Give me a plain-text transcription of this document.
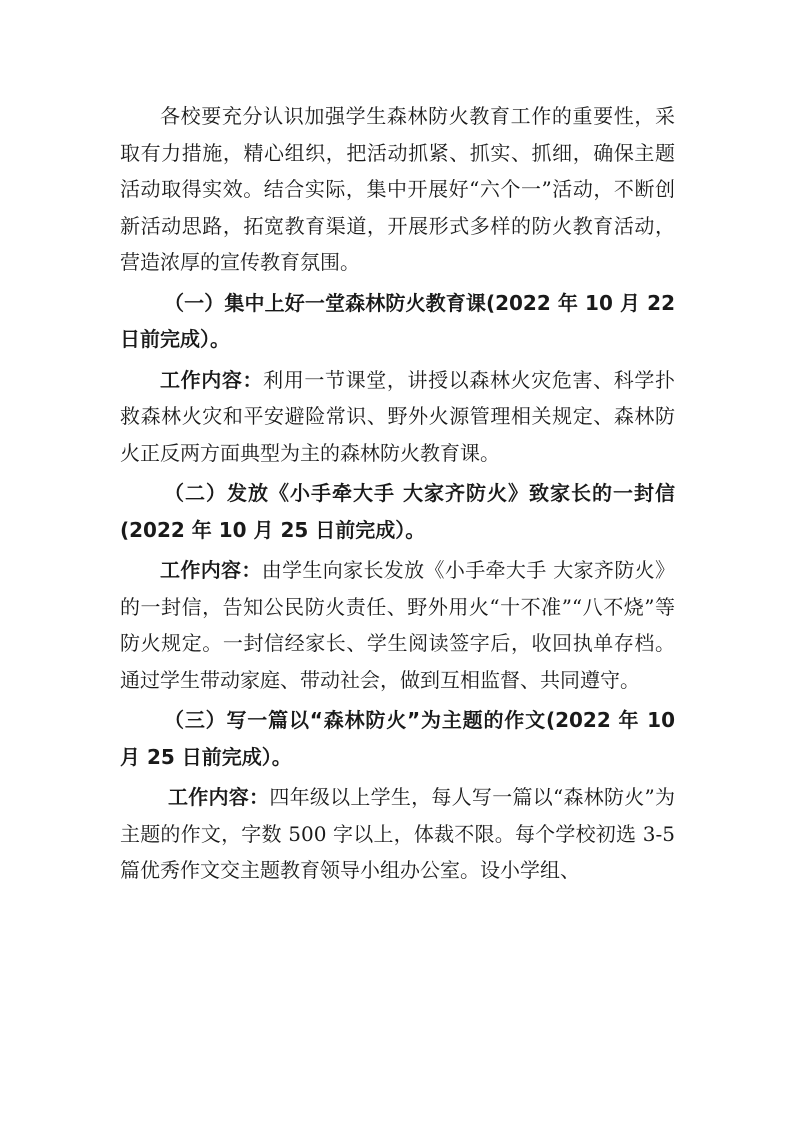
各校要充分认识加强学生森林防火教育工作的重要性，采取有力措施，精心组织，把活动抓紧、抓实、抓细，确保主题活动取得实效。结合实际，集中开展好“六个一”活动，不断创新活动思路，拓宽教育渠道，开展形式多样的防火教育活动，营造浓厚的宣传教育氛围。

（一）集中上好一堂森林防火教育课(2022 年 10 月 22 日前完成）。

工作内容：利用一节课堂，讲授以森林火灾危害、科学扑救森林火灾和平安避险常识、野外火源管理相关规定、森林防火正反两方面典型为主的森林防火教育课。

（二）发放《小手牵大手 大家齐防火》致家长的一封信(2022 年 10 月 25 日前完成）。

工作内容：由学生向家长发放《小手牵大手 大家齐防火》的一封信，告知公民防火责任、野外用火“十不准”“八不烧”等防火规定。一封信经家长、学生阅读签字后，收回执单存档。通过学生带动家庭、带动社会，做到互相监督、共同遵守。

（三）写一篇以“森林防火”为主题的作文(2022 年 10 月 25 日前完成）。

工作内容：四年级以上学生，每人写一篇以“森林防火”为主题的作文，字数 500 字以上，体裁不限。每个学校初选 3-5 篇优秀作文交主题教育领导小组办公室。设小学组、
